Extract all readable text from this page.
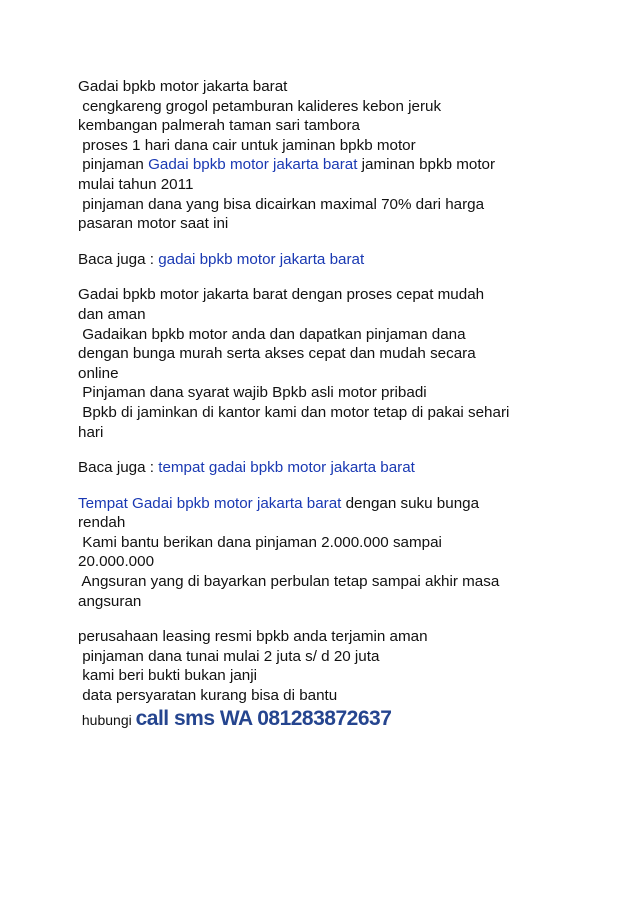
Gadai bpkb motor jakarta barat
cengkareng grogol petamburan kalideres kebon jeruk
kembangan palmerah taman sari tambora
proses 1 hari dana cair untuk jaminan bpkb motor
pinjaman Gadai bpkb motor jakarta barat jaminan bpkb motor
mulai tahun 2011
pinjaman dana yang bisa dicairkan maximal 70% dari harga
pasaran motor saat ini
Baca juga : gadai bpkb motor jakarta barat
Gadai bpkb motor jakarta barat dengan proses cepat mudah
dan aman
Gadaikan bpkb motor anda dan dapatkan pinjaman dana
dengan bunga murah serta akses cepat dan mudah secara
online
Pinjaman dana syarat wajib Bpkb asli motor pribadi
Bpkb di jaminkan di kantor kami dan motor tetap di pakai sehari
hari
Baca juga : tempat gadai bpkb motor jakarta barat
Tempat Gadai bpkb motor jakarta barat dengan suku bunga
rendah
Kami bantu berikan dana pinjaman 2.000.000 sampai
20.000.000
Angsuran yang di bayarkan perbulan tetap sampai akhir masa
angsuran
perusahaan leasing resmi bpkb anda terjamin aman
pinjaman dana tunai mulai 2 juta s/ d 20 juta
kami beri bukti bukan janji
data persyaratan kurang bisa di bantu
hubungi call sms WA 081283872637
